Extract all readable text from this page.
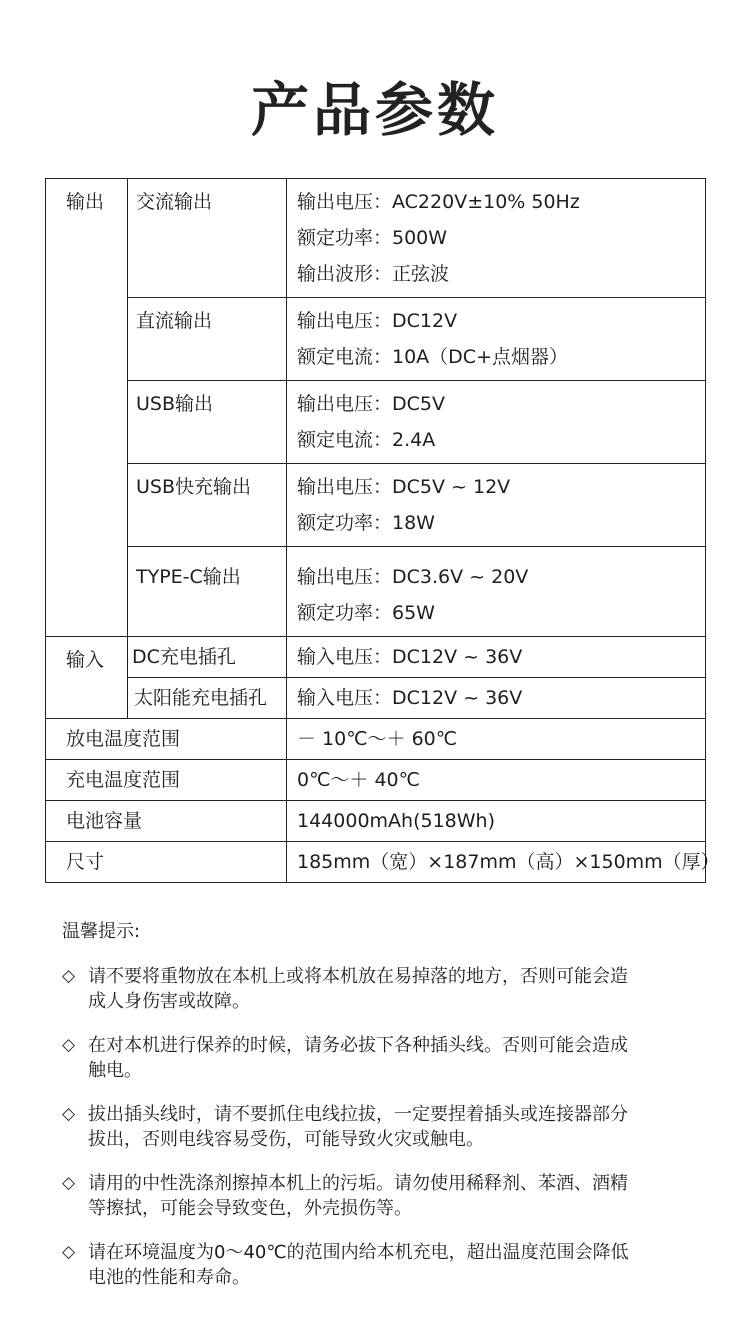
产品参数
输出	交流输出	输出电压：AC220V±10% 50Hz
额定功率：500W
输出波形：正弦波

	直流输出	输出电压：DC12V
额定电流：10A（DC+点烟器）

	USB输出	输出电压：DC5V
额定电流：2.4A

	USB快充输出	输出电压：DC5V ~ 12V
额定功率：18W

	TYPE-C输出	输出电压：DC3.6V ~ 20V
额定功率：65W

输入	DC充电插孔	输入电压：DC12V ~ 36V
	太阳能充电插孔	输入电压：DC12V ~ 36V
放电温度范围		－ 10℃～＋ 60℃
充电温度范围		0℃～＋ 40℃
电池容量		144000mAh(518Wh)
尺寸		185mm（宽）×187mm（高）×150mm（厚）
温馨提示:
◇ 请不要将重物放在本机上或将本机放在易掉落的地方，否则可能会造
成人身伤害或故障。
◇ 在对本机进行保养的时候，请务必拔下各种插头线。否则可能会造成
触电。
◇ 拔出插头线时，请不要抓住电线拉拔，一定要捏着插头或连接器部分
拔出，否则电线容易受伤，可能导致火灾或触电。
◇ 请用的中性洗涤剂擦掉本机上的污垢。请勿使用稀释剂、苯酒、酒精
等擦拭，可能会导致变色，外壳损伤等。
◇ 请在环境温度为0～40℃的范围内给本机充电，超出温度范围会降低
电池的性能和寿命。
